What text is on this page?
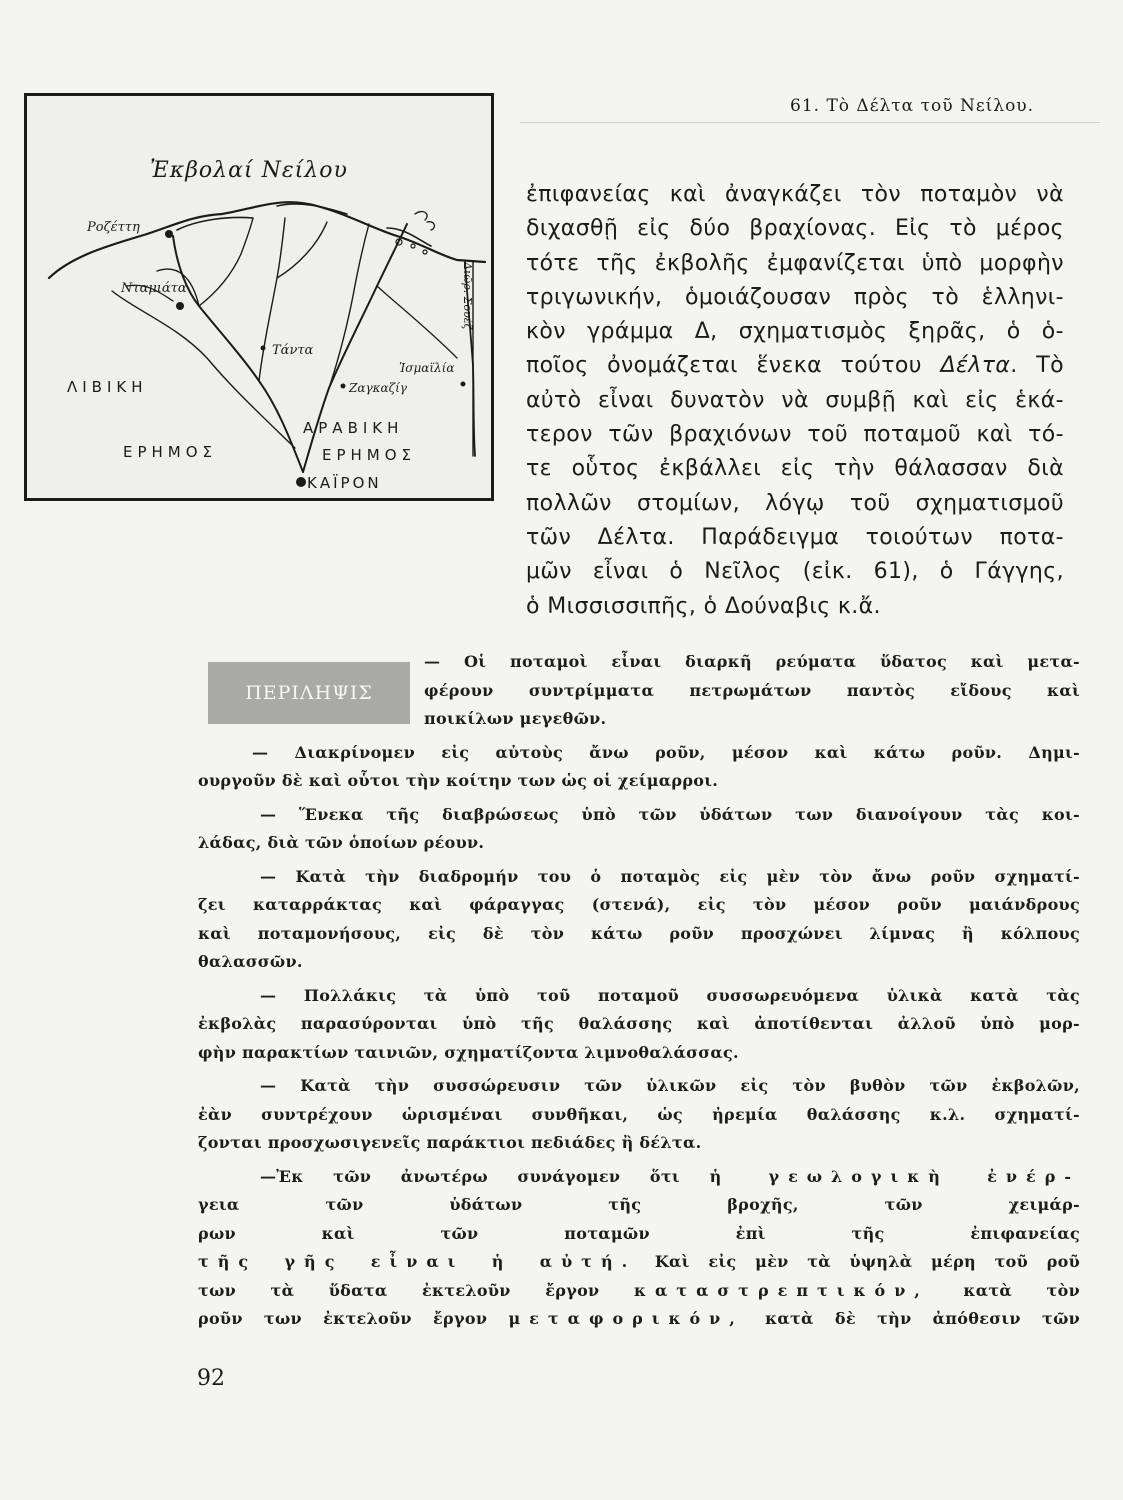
61. Τὸ Δέλτα τοῦ Νείλου.
Ἐκβολαί Νείλου
Ροζέττη
Νταμιάτα
Τάντα
Ἰσμαϊλία
Ζαγκαζίγ
ΛΙΒΙΚΗ
ΕΡΗΜΟΣ
ΑΡΑΒΙΚΗ
ΕΡΗΜΟΣ
ΚΑΪΡΟΝ
Διῶρ. Σουέζ
ἐπιφανείας καὶ ἀναγκάζει τὸν ποταμὸν νὰ
διχασθῇ εἰς δύο βραχίονας. Εἰς τὸ μέρος
τότε τῆς ἐκβολῆς ἐμφανίζεται ὑπὸ μορφὴν
τριγωνικήν, ὁμοιάζουσαν πρὸς τὸ ἑλληνι-
κὸν γράμμα Δ, σχηματισμὸς ξηρᾶς, ὁ ὁ-
ποῖος ὀνομάζεται ἕνεκα τούτου Δέλτα. Τὸ
αὐτὸ εἶναι δυνατὸν νὰ συμβῇ καὶ εἰς ἑκά-
τερον τῶν βραχιόνων τοῦ ποταμοῦ καὶ τό-
τε οὗτος ἐκβάλλει εἰς τὴν θάλασσαν διὰ
πολλῶν στομίων, λόγῳ τοῦ σχηματισμοῦ
τῶν Δέλτα. Παράδειγμα τοιούτων ποτα-
μῶν εἶναι ὁ Νεῖλος (εἰκ. 61), ὁ Γάγγης,
ὁ Μισσισσιπῆς, ὁ Δούναβις κ.ἄ.
ΠΕΡΙΛΗΨΙΣ
— Οἱ ποταμοὶ εἶναι διαρκῆ ρεύματα ὕδατος καὶ μετα-
φέρουν συντρίμματα πετρωμάτων παντὸς εἴδους καὶ
ποικίλων μεγεθῶν.
— Διακρίνομεν εἰς αὐτοὺς ἄνω ροῦν, μέσον καὶ κάτω ροῦν. Δημι-
ουργοῦν δὲ καὶ οὗτοι τὴν κοίτην των ὡς οἱ χείμαρροι.
— Ἕνεκα τῆς διαβρώσεως ὑπὸ τῶν ὑδάτων των διανοίγουν τὰς κοι-
λάδας, διὰ τῶν ὁποίων ρέουν.
— Κατὰ τὴν διαδρομήν του ὁ ποταμὸς εἰς μὲν τὸν ἄνω ροῦν σχηματί-
ζει καταρράκτας καὶ φάραγγας (στενά), εἰς τὸν μέσον ροῦν μαιάνδρους
καὶ ποταμονήσους, εἰς δὲ τὸν κάτω ροῦν προσχώνει λίμνας ἢ κόλπους
θαλασσῶν.
— Πολλάκις τὰ ὑπὸ τοῦ ποταμοῦ συσσωρευόμενα ὑλικὰ κατὰ τὰς
ἐκβολὰς παρασύρονται ὑπὸ τῆς θαλάσσης καὶ ἀποτίθενται ἀλλοῦ ὑπὸ μορ-
φὴν παρακτίων ταινιῶν, σχηματίζοντα λιμνοθαλάσσας.
— Κατὰ τὴν συσσώρευσιν τῶν ὑλικῶν εἰς τὸν βυθὸν τῶν ἐκβολῶν,
ἐὰν συντρέχουν ὡρισμέναι συνθῆκαι, ὡς ἠρεμία θαλάσσης κ.λ. σχηματί-
ζονται προσχωσιγενεῖς παράκτιοι πεδιάδες ἢ δέλτα.
—Ἐκ τῶν ἀνωτέρω συνάγομεν ὅτι ἡ γεωλογικὴ ἐνέρ-
γεια τῶν ὑδάτων τῆς βροχῆς, τῶν χειμάρ-
ρων καὶ τῶν ποταμῶν ἐπὶ τῆς ἐπιφανείας
τῆς γῆς εἶναι ἡ αὐτή. Καὶ εἰς μὲν τὰ ὑψηλὰ μέρη τοῦ ροῦ
των τὰ ὕδατα ἐκτελοῦν ἔργον καταστρεπτικόν, κατὰ τὸν
ροῦν των ἐκτελοῦν ἔργον μεταφορικόν, κατὰ δὲ τὴν ἀπόθεσιν τῶν
92
